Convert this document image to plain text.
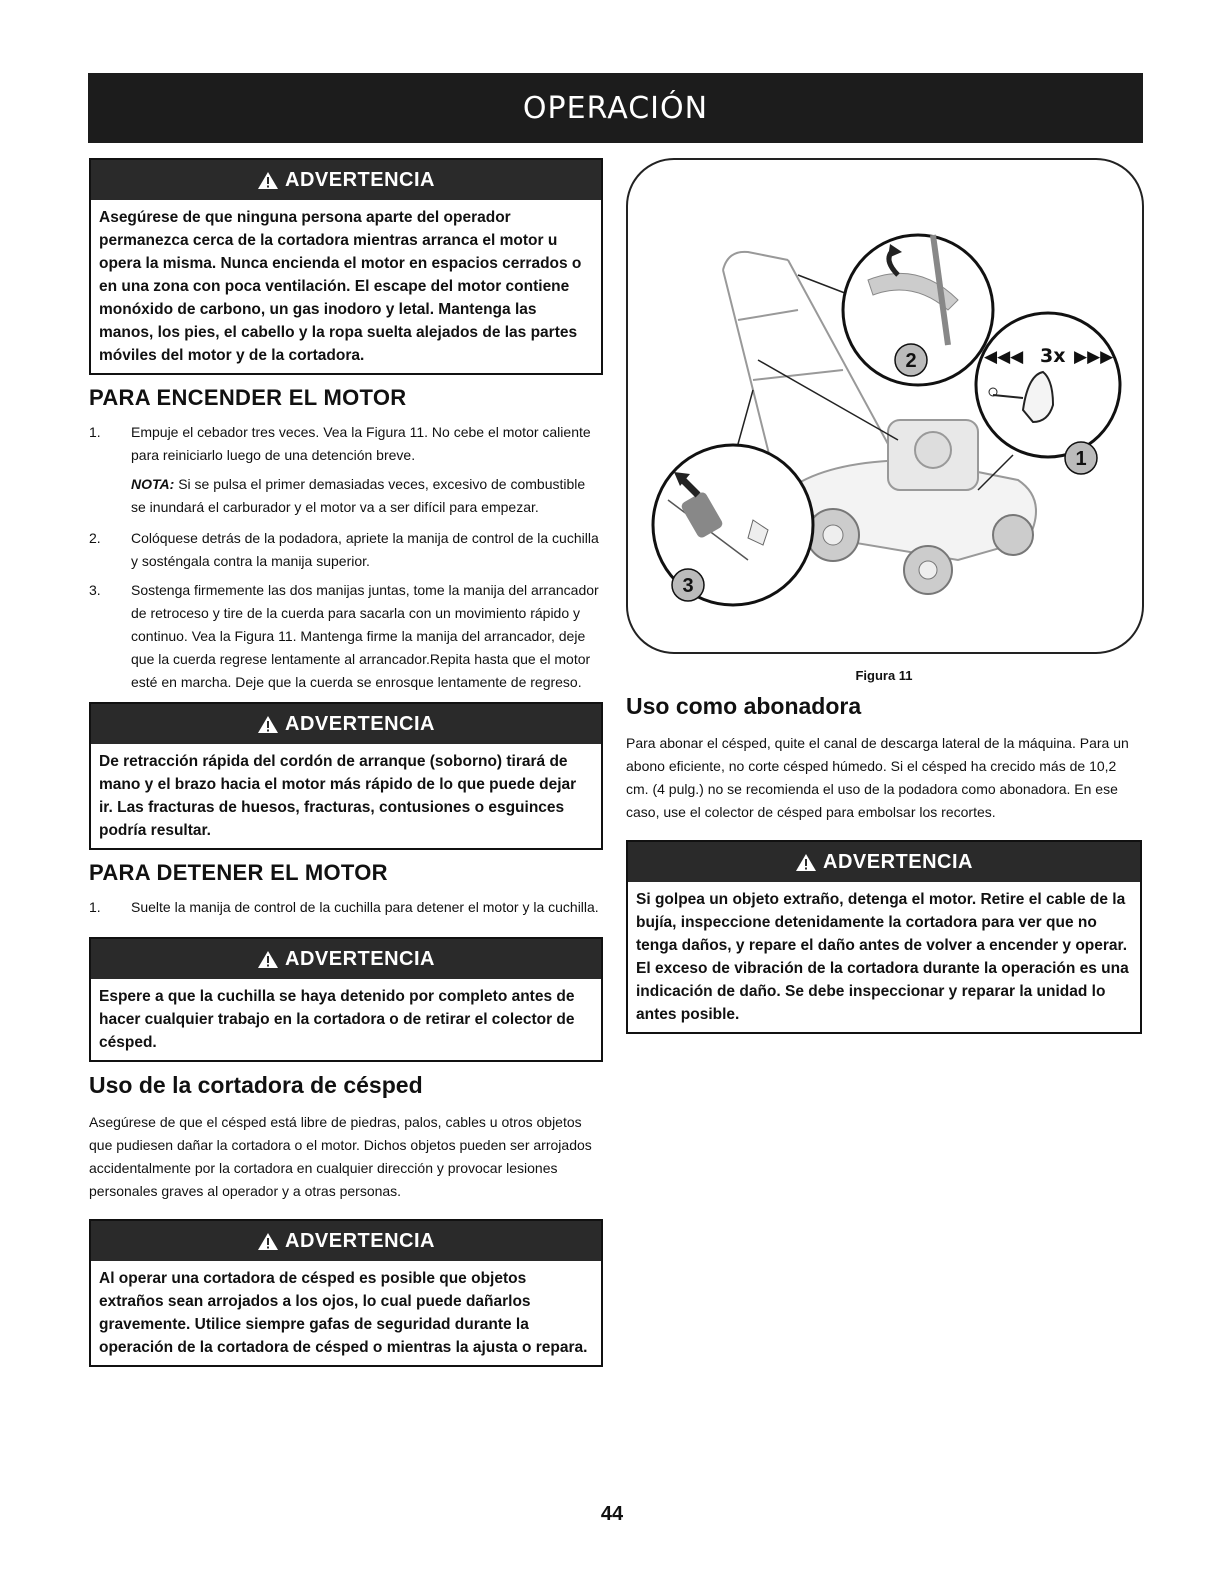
OPERACIÓN
ADVERTENCIA
Asegúrese de que ninguna persona aparte del operador permanezca cerca de la cortadora mientras arranca el motor u opera la misma. Nunca encienda el motor en espacios cerrados o en una zona con poca ventilación. El escape del motor contiene monóxido de carbono, un gas inodoro y letal. Mantenga las manos, los pies, el cabello y la ropa suelta alejados de las partes móviles del motor y de la cortadora.
PARA ENCENDER EL MOTOR
1.	Empuje el cebador tres veces. Vea la Figura 11. No cebe el motor caliente para reiniciarlo luego de una detención breve.
NOTA: Si se pulsa el primer demasiadas veces, excesivo de combustible se inundará el carburador y el motor va a ser difícil para empezar.
2.	Colóquese detrás de la podadora, apriete la manija de control de la cuchilla y sosténgala contra la manija superior.
3.	Sostenga firmemente las dos manijas juntas, tome la manija del arrancador de retroceso y tire de la cuerda para sacarla con un movimiento rápido y continuo. Vea la Figura 11. Mantenga firme la manija del arrancador, deje que la cuerda regrese lentamente al arrancador.Repita hasta que el motor esté en marcha. Deje que la cuerda se enrosque lentamente de regreso.
ADVERTENCIA
De retracción rápida del cordón de arranque (soborno) tirará de mano y el brazo hacia el motor más rápido de lo que puede dejar ir. Las fracturas de huesos, fracturas, contusiones o esguinces podría resultar.
PARA DETENER EL MOTOR
1.	Suelte la manija de control de la cuchilla para detener el motor y la cuchilla.
ADVERTENCIA
Espere a que la cuchilla se haya detenido por completo antes de hacer cualquier trabajo en la cortadora o de retirar el colector de césped.
Uso de la cortadora de césped

Asegúrese de que el césped está libre de piedras, palos, cables u otros objetos que pudiesen dañar la cortadora o el motor. Dichos objetos pueden ser arrojados accidentalmente por la cortadora en cualquier dirección y provocar lesiones personales graves al operador y a otras personas.

ADVERTENCIA
Al operar una cortadora de césped es posible que objetos extraños sean arrojados a los ojos, lo cual puede dañarlos gravemente. Utilice siempre gafas de seguridad durante la operación de la cortadora de césped o mientras la ajusta o repara.
◀◀◀ 3x ▶▶▶
2
1
3
Figura 11
Uso como abonadora

Para abonar el césped, quite el canal de descarga lateral de la máquina. Para un abono eficiente, no corte césped húmedo. Si el césped ha crecido más de 10,2 cm. (4 pulg.) no se recomienda el uso de la podadora como abonadora. En ese caso, use el colector de césped para embolsar los recortes.

ADVERTENCIA
Si golpea un objeto extraño, detenga el motor. Retire el cable de la bujía, inspeccione detenidamente la cortadora para ver que no tenga daños, y repare el daño antes de volver a encender y operar. El exceso de vibración de la cortadora durante la operación es una indicación de daño. Se debe inspeccionar y reparar la unidad lo antes posible.
44
